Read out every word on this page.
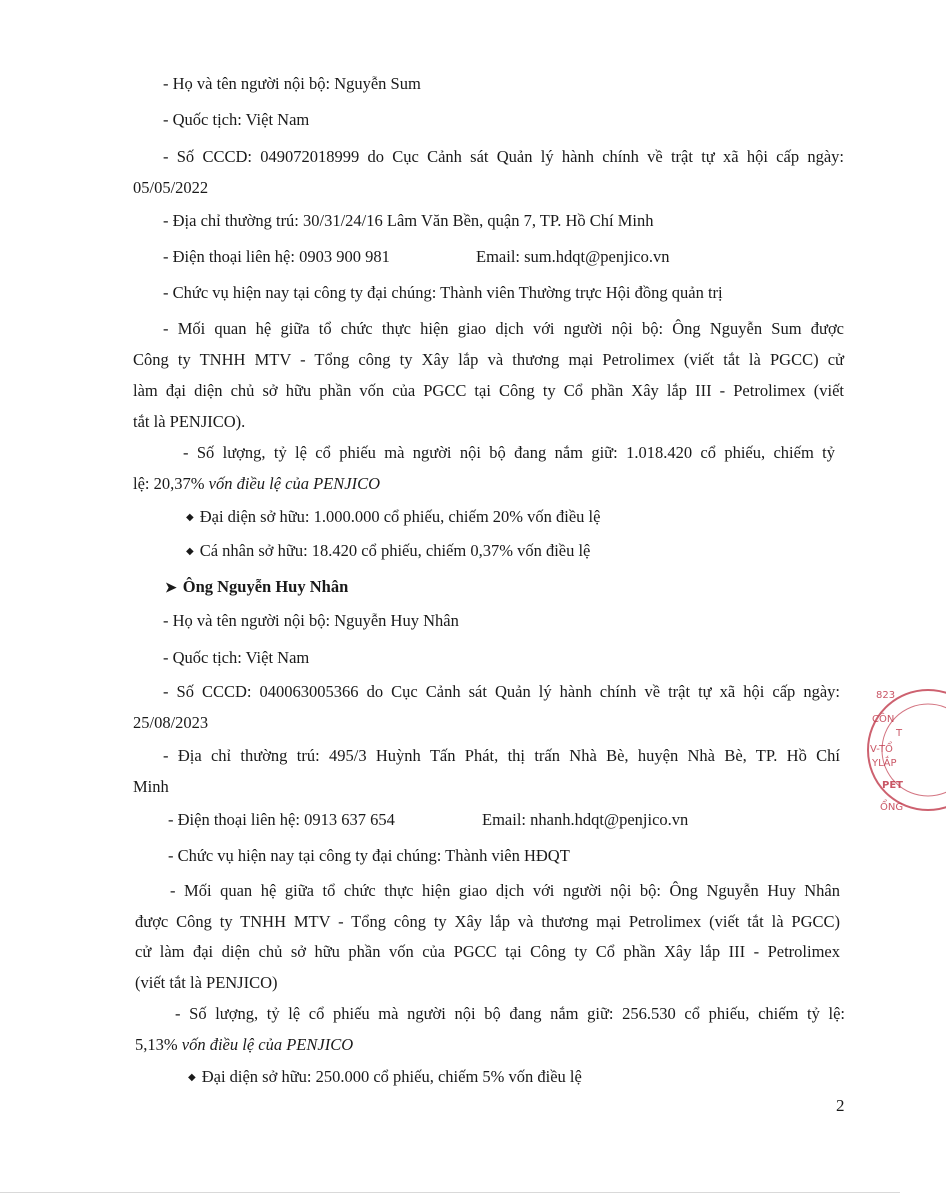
- Họ và tên người nội bộ: Nguyễn Sum
- Quốc tịch: Việt Nam
- Số CCCD: 049072018999 do Cục Cảnh sát Quản lý hành chính về trật tự xã hội cấp ngày:
05/05/2022
- Địa chỉ thường trú: 30/31/24/16 Lâm Văn Bền, quận 7, TP. Hồ Chí Minh
- Điện thoại liên hệ: 0903 900 981	Email: sum.hdqt@penjico.vn
- Chức vụ hiện nay tại công ty đại chúng: Thành viên Thường trực Hội đồng quản trị
- Mối quan hệ giữa tổ chức thực hiện giao dịch với người nội bộ: Ông Nguyễn Sum được
Công ty TNHH MTV - Tổng công ty Xây lắp và thương mại Petrolimex (viết tắt là PGCC) cử
làm đại diện chủ sở hữu phần vốn của PGCC tại Công ty Cổ phần Xây lắp III - Petrolimex (viết
tắt là PENJICO).
- Số lượng, tỷ lệ cổ phiếu mà người nội bộ đang nắm giữ: 1.018.420 cổ phiếu, chiếm tỷ
lệ: 20,37% vốn điều lệ của PENJICO
◆ Đại diện sở hữu: 1.000.000 cổ phiếu, chiếm 20% vốn điều lệ
◆ Cá nhân sở hữu: 18.420 cổ phiếu, chiếm 0,37% vốn điều lệ
➤ Ông Nguyễn Huy Nhân
- Họ và tên người nội bộ: Nguyễn Huy Nhân
- Quốc tịch: Việt Nam
- Số CCCD: 040063005366 do Cục Cảnh sát Quản lý hành chính về trật tự xã hội cấp ngày:
25/08/2023
- Địa chỉ thường trú: 495/3 Huỳnh Tấn Phát, thị trấn Nhà Bè, huyện Nhà Bè, TP. Hồ Chí
Minh
- Điện thoại liên hệ: 0913 637 654	Email: nhanh.hdqt@penjico.vn
- Chức vụ hiện nay tại công ty đại chúng: Thành viên HĐQT
- Mối quan hệ giữa tổ chức thực hiện giao dịch với người nội bộ: Ông Nguyễn Huy Nhân
được Công ty TNHH MTV - Tổng công ty Xây lắp và thương mại Petrolimex (viết tắt là PGCC)
cử làm đại diện chủ sở hữu phần vốn của PGCC tại Công ty Cổ phần Xây lắp III - Petrolimex
(viết tắt là PENJICO)
- Số lượng, tỷ lệ cổ phiếu mà người nội bộ đang nắm giữ: 256.530 cổ phiếu, chiếm tỷ lệ:
5,13% vốn điều lệ của PENJICO
◆ Đại diện sở hữu: 250.000 cổ phiếu, chiếm 5% vốn điều lệ
2
823
CÔN
T
V-TỔ
YLẮP
PET
ỔNG
